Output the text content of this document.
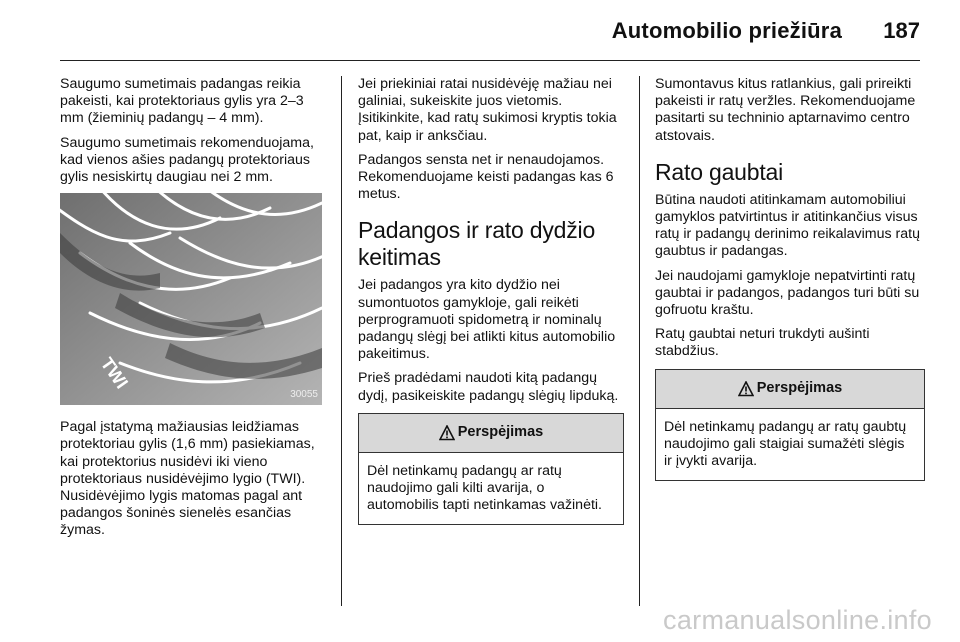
Automobilio priežiūra 187

Saugumo sumetimais padangas reikia pakeisti, kai protektoriaus gylis yra 2–3 mm (žieminių padangų – 4 mm).

Saugumo sumetimais rekomenduojama, kad vienos ašies padangų protektoriaus gylis nesiskirtų daugiau nei 2 mm.

TWI
30055

Pagal įstatymą mažiausias leidžiamas protektoriau gylis (1,6 mm) pasiekiamas, kai protektorius nusidėvi iki vieno protektoriaus nusidėvėjimo lygio (TWI). Nusidėvėjimo lygis matomas pagal ant padangos šoninės sienelės esančias žymas.

Jei priekiniai ratai nusidėvėję mažiau nei galiniai, sukeiskite juos vietomis. Įsitikinkite, kad ratų sukimosi kryptis tokia pat, kaip ir anksčiau.

Padangos sensta net ir nenaudojamos. Rekomenduojame keisti padangas kas 6 metus.

Padangos ir rato dydžio keitimas

Jei padangos yra kito dydžio nei sumontuotos gamykloje, gali reikėti perprogramuoti spidometrą ir nominalų padangų slėgį bei atlikti kitus automobilio pakeitimus.

Prieš pradėdami naudoti kitą padangų dydį, pasikeiskite padangų slėgių lipduką.

Perspėjimas
Dėl netinkamų padangų ar ratų naudojimo gali kilti avarija, o automobilis tapti netinkamas važinėti.

Sumontavus kitus ratlankius, gali prireikti pakeisti ir ratų veržles. Rekomenduojame pasitarti su techninio aptarnavimo centro atstovais.

Rato gaubtai

Būtina naudoti atitinkamam automobiliui gamyklos patvirtintus ir atitinkančius visus ratų ir padangų derinimo reikalavimus ratų gaubtus ir padangas.

Jei naudojami gamykloje nepatvirtinti ratų gaubtai ir padangos, padangos turi būti su gofruotu kraštu.

Ratų gaubtai neturi trukdyti aušinti stabdžius.

Perspėjimas
Dėl netinkamų padangų ar ratų gaubtų naudojimo gali staigiai sumažėti slėgis ir įvykti avarija.
carmanualsonline.info
